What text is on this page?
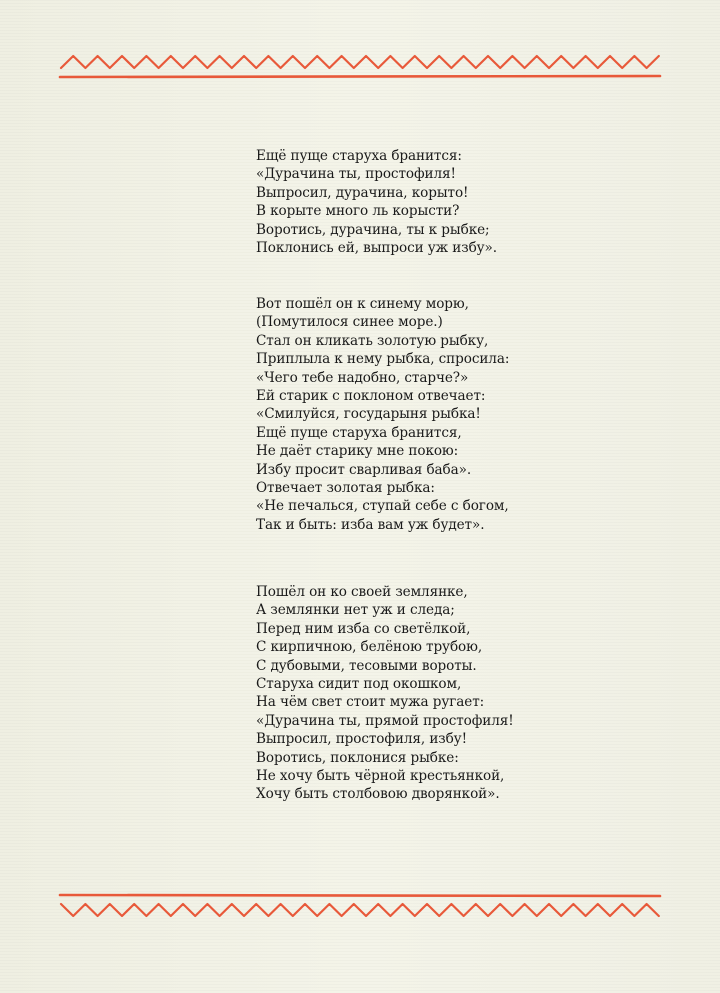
Ещё пуще старуха бранится:
«Дурачина ты, простофиля!
Выпросил, дурачина, корыто!
В корыте много ль корысти?
Воротись, дурачина, ты к рыбке;
Поклонись ей, выпроси уж избу».
Вот пошёл он к синему морю,
(Помутилося синее море.)
Стал он кликать золотую рыбку,
Приплыла к нему рыбка, спросила:
«Чего тебе надобно, старче?»
Ей старик с поклоном отвечает:
«Смилуйся, государыня рыбка!
Ещё пуще старуха бранится,
Не даёт старику мне покою:
Избу просит сварливая баба».
Отвечает золотая рыбка:
«Не печалься, ступай себе с богом,
Так и быть: изба вам уж будет».
Пошёл он ко своей землянке,
А землянки нет уж и следа;
Перед ним изба со светёлкой,
С кирпичною, белёною трубою,
С дубовыми, тесовыми вороты.
Старуха сидит под окошком,
На чём свет стоит мужа ругает:
«Дурачина ты, прямой простофиля!
Выпросил, простофиля, избу!
Воротись, поклонися рыбке:
Не хочу быть чёрной крестьянкой,
Хочу быть столбовою дворянкой».
